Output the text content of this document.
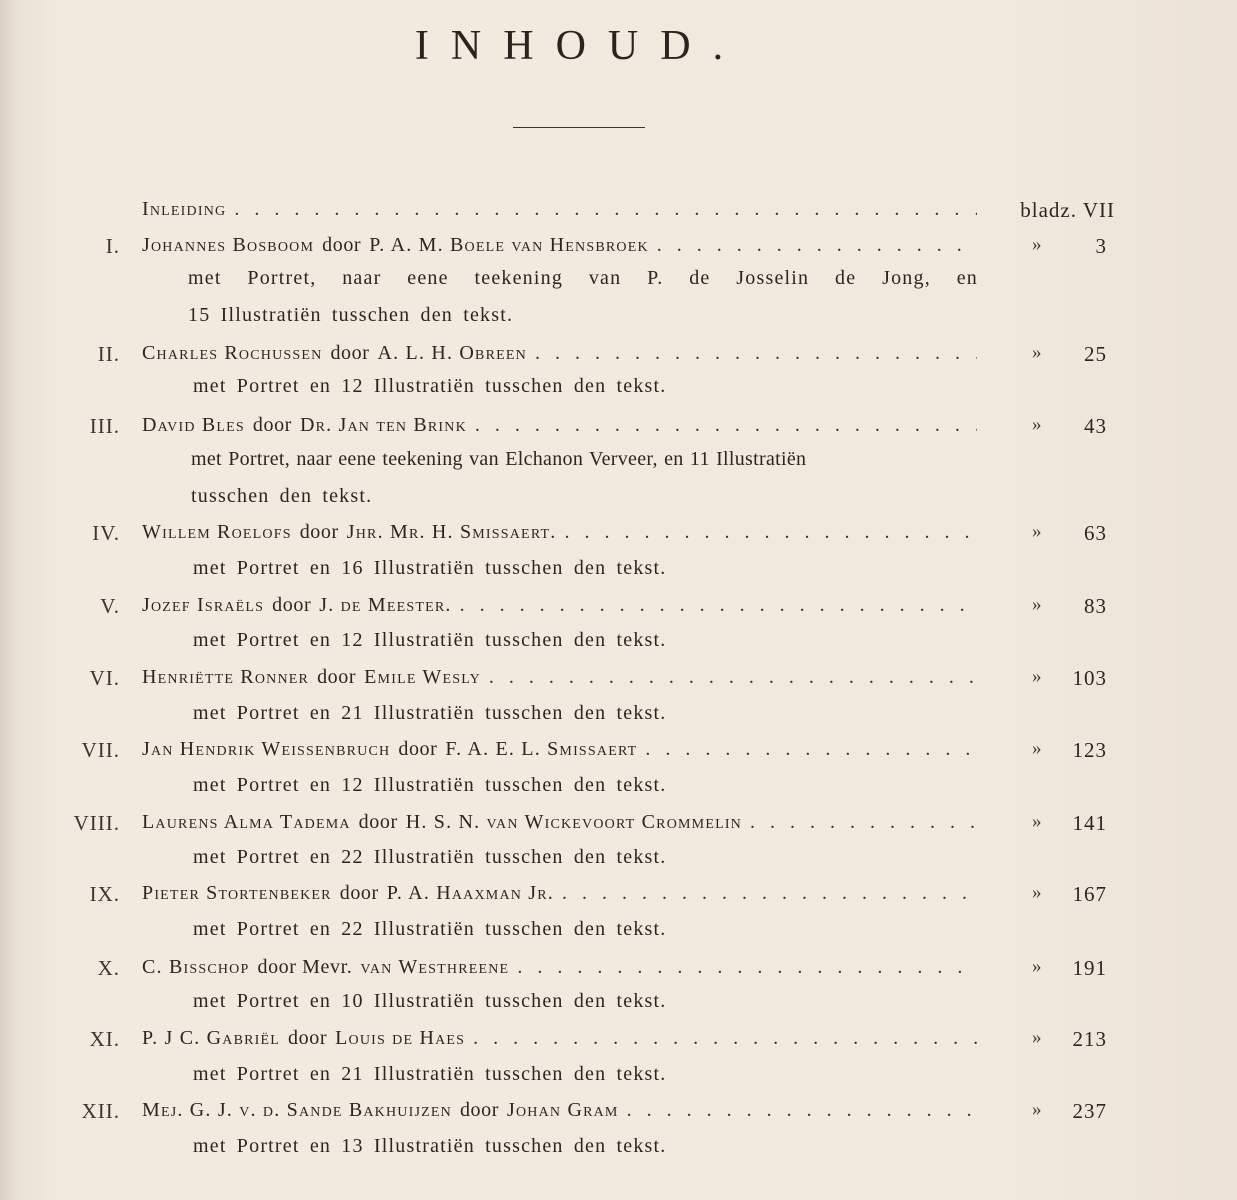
INHOUD.
Inleiding . . .	bladz. VII
I. Johannes Bosboom door P. A. M. Boele van Hensbroek . . .	»	3
met Portret, naar eene teekening van P. de Josselin de Jong, en
15 Illustratiën tusschen den tekst.
II. Charles Rochussen door A. L. H. Obreen . . .	» 25
met Portret en 12 Illustratiën tusschen den tekst.
III. David Bles door Dr. Jan ten Brink . . .	» 43
met Portret, naar eene teekening van Elchanon Verveer, en 11 Illustratiën
tusschen den tekst.
IV. Willem Roelofs door Jhr. Mr. H. Smissaert. . . .	» 63
met Portret en 16 Illustratiën tusschen den tekst.
V. Jozef Israëls door J. de Meester. . . .	» 83
met Portret en 12 Illustratiën tusschen den tekst.
VI. Henriëtte Ronner door Emile Wesly . . .	» 103
met Portret en 21 Illustratiën tusschen den tekst.
VII. Jan Hendrik Weissenbruch door F. A. E. L. Smissaert . . .	» 123
met Portret en 12 Illustratiën tusschen den tekst.
VIII. Laurens Alma Tadema door H. S. N. van Wickevoort Crommelin . . .	» 141
met Portret en 22 Illustratiën tusschen den tekst.
IX. Pieter Stortenbeker door P. A. Haaxman Jr. . . .	» 167
met Portret en 22 Illustratiën tusschen den tekst.
X. C. Bisschop door Mevr. van Westhreene . . .	» 191
met Portret en 10 Illustratiën tusschen den tekst.
XI. P. J C. Gabriël door Louis de Haes . . .	» 213
met Portret en 21 Illustratiën tusschen den tekst.
XII. Mej. G. J. v. d. Sande Bakhuijzen door Johan Gram . . .	» 237
met Portret en 13 Illustratiën tusschen den tekst.
